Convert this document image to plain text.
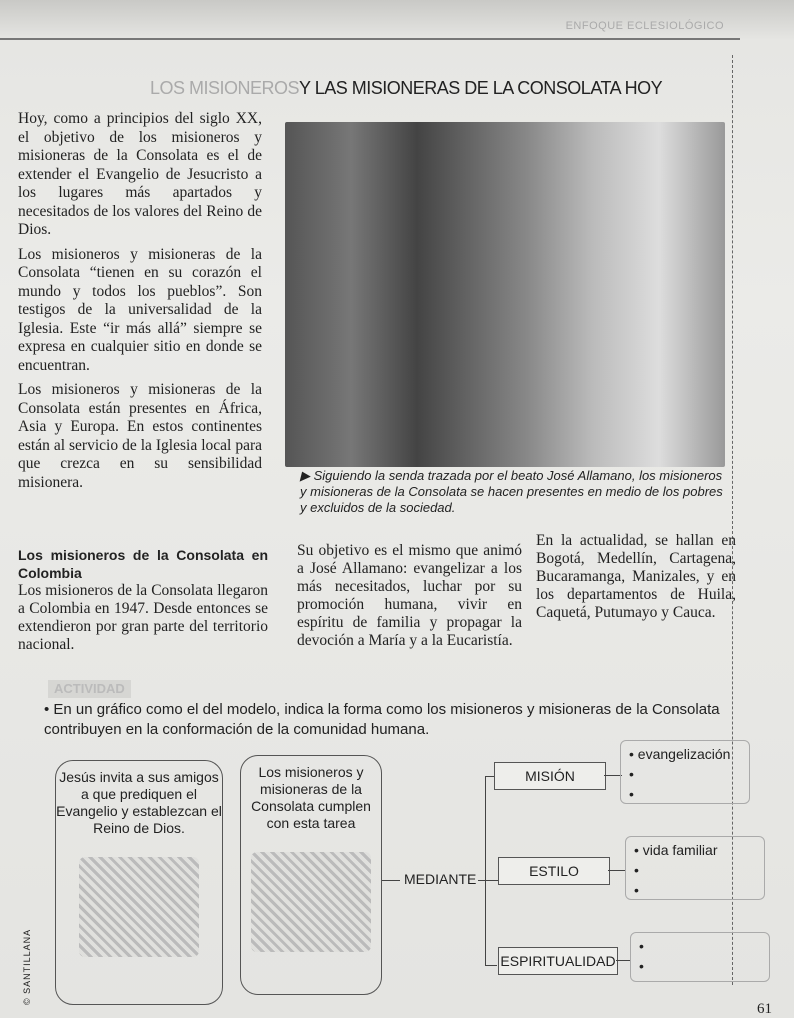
ENFOQUE ECLESIOLÓGICO
LOS MISIONEROSY LAS MISIONERAS DE LA CONSOLATA HOY

Hoy, como a principios del siglo XX, el objetivo de los misioneros y misioneras de la Consolata es el de extender el Evangelio de Jesucristo a los lugares más apartados y necesitados de los valores del Reino de Dios.

Los misioneros y misioneras de la Consolata “tienen en su corazón el mundo y todos los pueblos”. Son testigos de la universalidad de la Iglesia. Este “ir más allá” siempre se expresa en cualquier sitio en donde se encuentran.

Los misioneros y misioneras de la Consolata están presentes en África, Asia y Europa. En estos continentes están al servicio de la Iglesia local para que crezca en su sensibilidad misionera.	▶ Siguiendo la senda trazada por el beato José Allamano, los misioneros y misioneras de la Consolata se hacen presentes en medio de los pobres y excluidos de la sociedad.
Los misioneros de la Consolata en Colombia
Los misioneros de la Consolata llegaron a Colombia en 1947. Desde entonces se extendieron por gran parte del territorio nacional.
Su objetivo es el mismo que animó a José Allamano: evangelizar a los más necesitados, luchar por su promoción humana, vivir en espíritu de familia y propagar la devoción a María y a la Eucaristía.
En la actualidad, se hallan en Bogotá, Medellín, Cartagena, Bucaramanga, Manizales, y en los departamentos de Huila, Caquetá, Putumayo y Cauca.
ACTIVIDAD
• En un gráfico como el del modelo, indica la forma como los misioneros y misioneras de la Consolata contribuyen en la conformación de la comunidad humana.
Jesús invita a sus amigos a que prediquen el Evangelio y establezcan el Reino de Dios.
Los misioneros y misioneras de la Consolata cumplen con esta tarea
MEDIANTE
MISIÓN
ESTILO
ESPIRITUALIDAD
• evangelización
•
•
• vida familiar
•
•
•
•
© SANTILLANA
61
